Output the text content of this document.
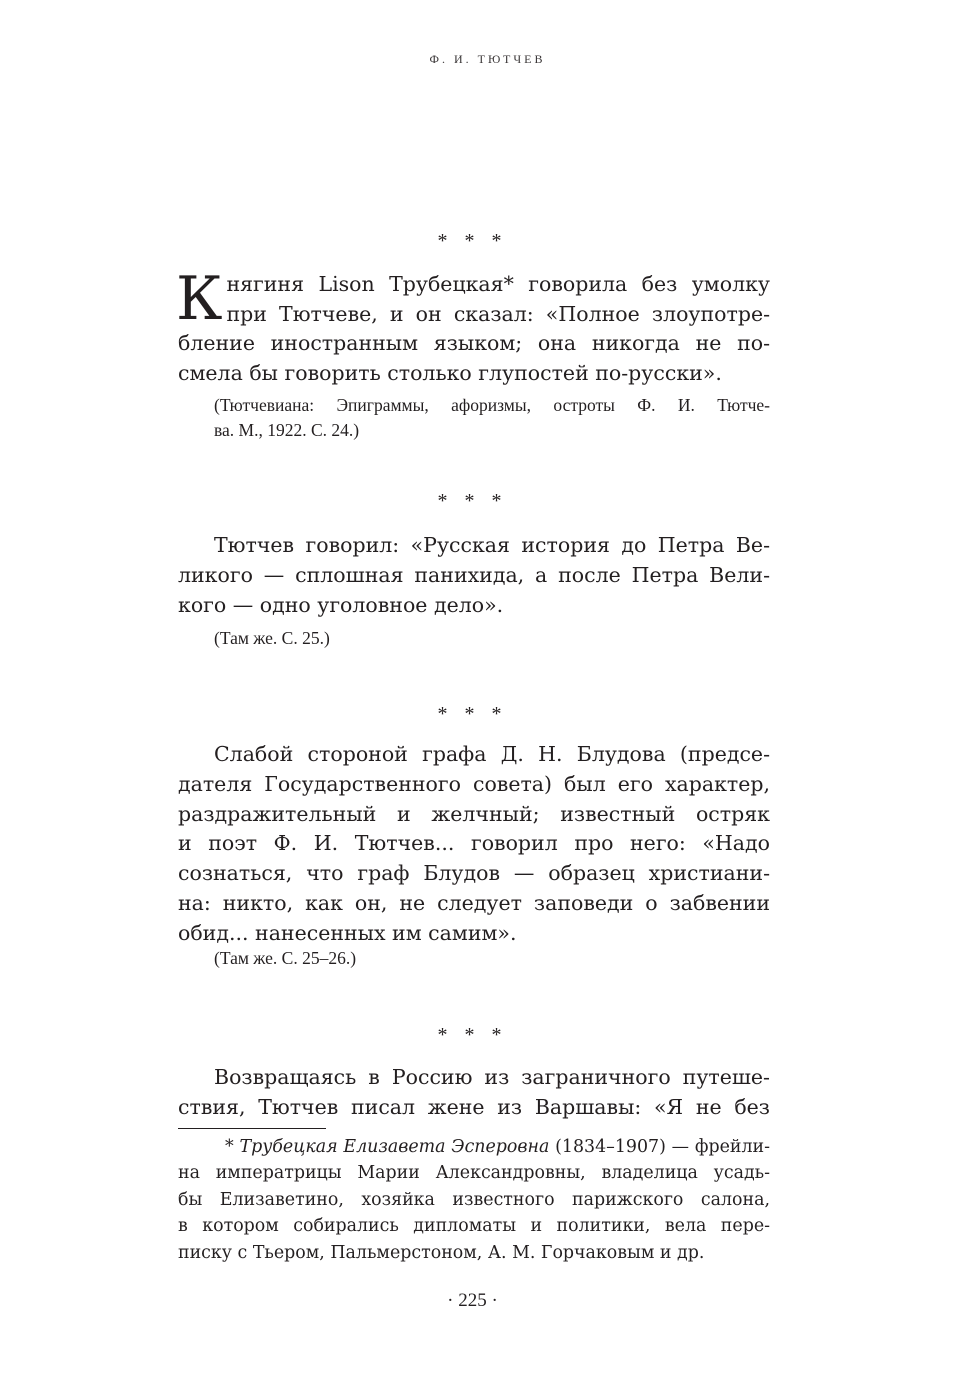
Ф. И. ТЮТЧЕВ
* * *
К нягиня Lison Трубецкая* говорила без умолку
при Тютчеве, и он сказал: «Полное злоупотре-
бление иностранным языком; она никогда не по-
смела бы говорить столько глупостей по-русски».
(Тютчевиана: Эпиграммы, афоризмы, остроты Ф. И. Тютче-
ва. М., 1922. С. 24.)
* * *
Тютчев говорил: «Русская история до Петра Ве-
ликого — сплошная панихида, а после Петра Вели-
кого — одно уголовное дело».
(Там же. С. 25.)
* * *
Слабой стороной графа Д. Н. Блудова (предсе-
дателя Государственного совета) был его характер,
раздражительный и желчный; известный остряк
и поэт Ф. И. Тютчев... говорил про него: «Надо
сознаться, что граф Блудов — образец христиани-
на: никто, как он, не следует заповеди о забвении
обид... нанесенных им самим».
(Там же. С. 25–26.)
* * *
Возвращаясь в Россию из заграничного путеше-
ствия, Тютчев писал жене из Варшавы: «Я не без
* Трубецкая Елизавета Эсперовна (1834–1907) — фрейли-
на императрицы Марии Александровны, владелица усадь-
бы Елизаветино, хозяйка известного парижского салона,
в котором собирались дипломаты и политики, вела пере-
писку с Тьером, Пальмерстоном, А. М. Горчаковым и др.
· 225 ·
